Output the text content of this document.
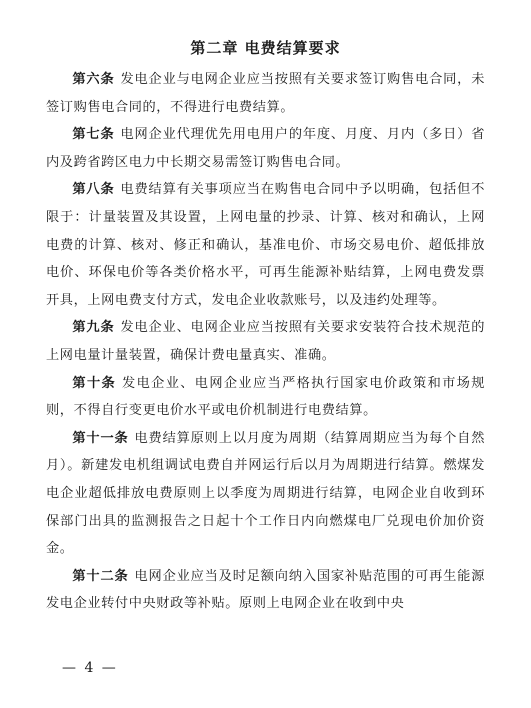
第二章 电费结算要求

第六条 发电企业与电网企业应当按照有关要求签订购售电合同，未签订购售电合同的，不得进行电费结算。

第七条 电网企业代理优先用电用户的年度、月度、月内（多日）省内及跨省跨区电力中长期交易需签订购售电合同。

第八条 电费结算有关事项应当在购售电合同中予以明确，包括但不限于：计量装置及其设置，上网电量的抄录、计算、核对和确认，上网电费的计算、核对、修正和确认，基准电价、市场交易电价、超低排放电价、环保电价等各类价格水平，可再生能源补贴结算，上网电费发票开具，上网电费支付方式，发电企业收款账号，以及违约处理等。

第九条 发电企业、电网企业应当按照有关要求安装符合技术规范的上网电量计量装置，确保计费电量真实、准确。

第十条 发电企业、电网企业应当严格执行国家电价政策和市场规则，不得自行变更电价水平或电价机制进行电费结算。

第十一条 电费结算原则上以月度为周期（结算周期应当为每个自然月）。新建发电机组调试电费自并网运行后以月为周期进行结算。燃煤发电企业超低排放电费原则上以季度为周期进行结算，电网企业自收到环保部门出具的监测报告之日起十个工作日内向燃煤电厂兑现电价加价资金。

第十二条 电网企业应当及时足额向纳入国家补贴范围的可再生能源发电企业转付中央财政等补贴。原则上电网企业在收到中央

— 4 —
